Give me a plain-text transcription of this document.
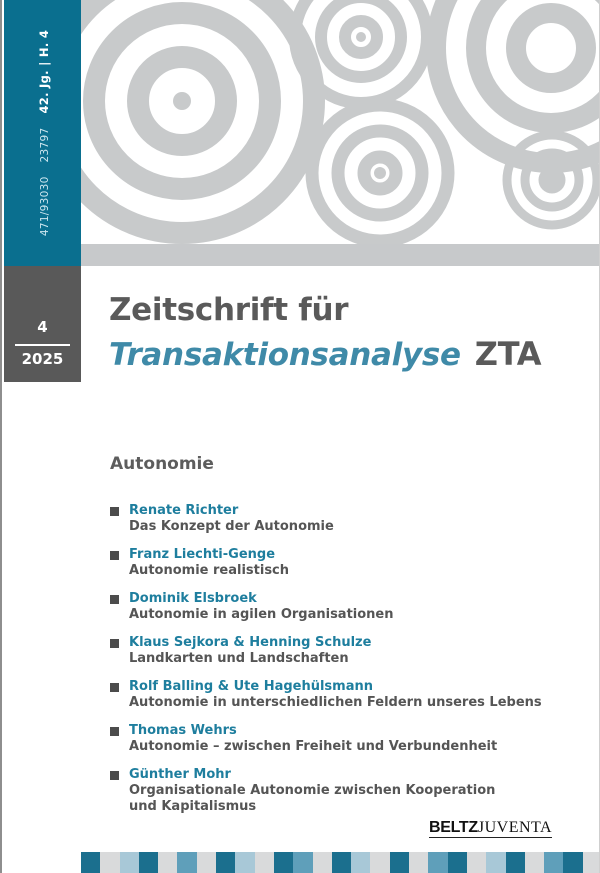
471/930302379742. Jg. | H. 4
4
2025
Zeitschrift für
Transaktionsanalyse ZTA
Autonomie
Renate Richter
Das Konzept der Autonomie
Franz Liechti-Genge
Autonomie realistisch
Dominik Elsbroek
Autonomie in agilen Organisationen
Klaus Sejkora & Henning Schulze
Landkarten und Landschaften
Rolf Balling & Ute Hagehülsmann
Autonomie in unterschiedlichen Feldern unseres Lebens
Thomas Wehrs
Autonomie – zwischen Freiheit und Verbundenheit
Günther Mohr
Organisationale Autonomie zwischen Kooperation
und Kapitalismus
BELTZJUVENTA
